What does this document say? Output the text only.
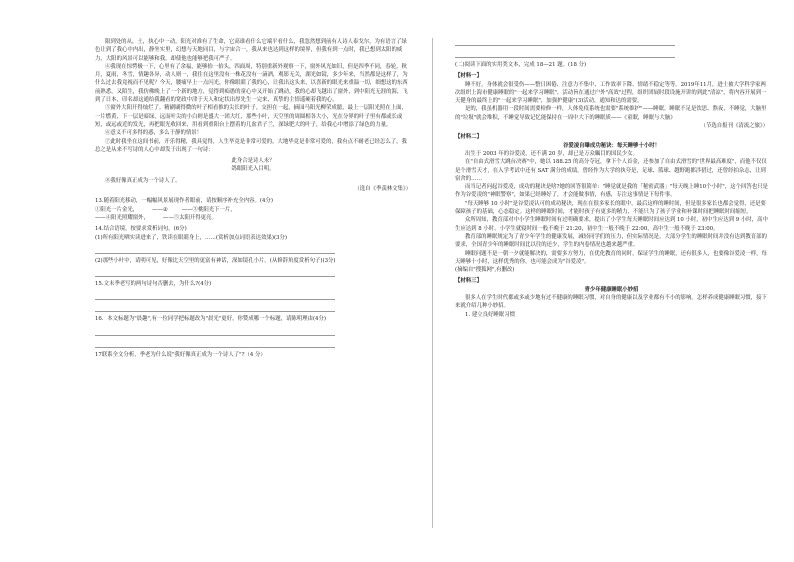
限到处的从，土，执心中一动，阳光对准有了生命，它高谁看什么它端平看什么，我忽然想到前有人诗人泰戈尔，为有语言了绿色让到了我心中内出，静坐实里，幻想与天地同目，与宇宙合一，我从来也达到这样的境界，但我有到一点时，我已想到太阳的威力，大阳的风景可以能够和我，却使他也能够把我可严子。

④我现在惊愕极一下，心里有了余福，能够抬一抬头，四面周，特别重新外观察一下，窗外风光如旧，但是四季不同，春轮，秋月，夏雨，冬雪，情趣各异，动人则一，我住在这里没有一株花没有一滴酒，观影无关，湖光如镜，多少年来，当然都是这样了，为什么过去我竟视而不见呢？今天，腰痛早上一点闪光，你像眼睛了我的心，让我出这头来，以喜新的眼光来重温一切，细想这的东西前熟悉，又陌生，我仿佛晚上了一个新的地方，觉得到痴愚的童心中又开始了跳动，我的心却飞越出了窗外，到中阳光无涯的海，飞到了日本，印名却这通给我翻看的宽政中津于天人和定状出厚先生一完来，真挚的主情遥硬着我的心。

⑤窗外大阳开得灿烂了。精刷刷得微的叶子相看推的尖长的叶子，交担在一起，摘园马阳光柳荣成臆，最上一层阳光照在上面，一片燃黄，下一层是暗绿，远而叶尖的小白则是盛大一团大红，那些小叶，天空里的周圆相各大小，光在分界的叶子里有都或长或短，或远或近的发光，再把眼光收回来，用看到重阳台上摆着的几盆君子兰，深绿肥大的叶子，给我心中增添了绿色的力量。

⑥意义不可多得的惑，多么于静的情景！

⑦此时我坐在这间书前，开乐得精，我具觉得，人生毕竟是非常可爱的，大地毕竟是非常可爱的，我有点不耐老已经怎么了，我总之是从来不写诗的人心中却发于出现了一句诗：

此身合是诗人未？

鸽眼阳光入目明。

⑧我好像真正成为一个诗人了。

（选自《季羡林文集》）

13.随着阳光移动，一幅幅风景展现作者眼前，请按顺序补充全内容。(4分)

①阳光一片金光，	——②	——③桃阳光下一片，
——④阳光照耀窗外，	——⑤太阳开得更亮。

14.结合语境，按要求赏析词句。(6分)

(1)所有阳光晒实读进来了，铁读在眼睛身上，……(赏析加点词语表达效果)(3分)

(2)那些小叶中，请明可见，好像比天空里的更富有神话，深如镜孔小片。(从修辞角度赏析句子)(3分)

15.文末季老写的两句诗句否删去，为什么?(4分)

16．本文标题为"晨趣",有一位同学把标题改为"晨光"更好，你赞成哪一个标题，请陈明理由(4分)

17联系全文分析，季老为什么说"我好像真正成为一个诗人了"?（4 分）

(二)阅读下面的实用类文本，完成 18—21 题。(18 分)

【材料一】

睡不好，身体就会很受伤——整日困倦、注意力不集中、工作效率下降、情绪不稳定等等。2019年11月，进士被大学科学家两次组织上海市健康睡眠的"一起来学习睡眠"，活动旨在通过户外"高效"过程，组织团展时段设施开讲的到此"清凉"，将内容开展到一天健身的最终上的"一起来学习睡眠"，加强护健康"(3)活动，通知和达的需要。

是的，我虽机器用一段时间需要检修一样，人体免疫系统也需要"系统维护"——睡眠。睡眠不足是饮思、熬夜，不睡觉，大脑里的"垃圾"就会堆积，不睡觉导致记忆能保持在一周中大下的睡眠质——《童眠，睡眠与大脑》

（节选自报刊《清流之旅》）

【材料二】

谷爱凌自曝成功秘诀：每天睡够十小时！

出生于 2003 年的谷爱凌，还不满 20 岁，却已是万众瞩目的国民少女。

在"自由式滑雪大跳台决赛"中，她以 188.25 的高分夺冠，拿下个人首金，还参加了自由式滑雪的"世界最高难度"，而他不仅仅是个滑雪天才，在入学考试中还有 SAT 满分的成绩，曾经作为大学的执夸是，足球、篮球、越野跑都涉猎过，还曾经拍杂志，让到宿舍的……

而当记者问起谷爱凌，成功的秘诀是啥?她的回答很简单："睡觉就是我的「秘密武器」"每天晚上睡10个小时"，这个回答也只是作为谷爱凌的"神眠警察"，如果已经睡好了，才会能做事情，有感，专注这事情是下每件事。

"每天睡够 10 小时"是谷爱凌认可的成功秘诀，现在在很多家长的眼中，最后这样的睡时间，但是很多家长也都会觉得，还是要保障孩子的基础，心态稳定。这样的睡眠时间，才能时孩子有更多的精力，不能只为了孩子学业和补课时间把睡眠时间缩短。

众所周知，教育部对中小学生睡眠时间有过明确要求，提出了小学生每天睡眠时间应达到 10 小时，初中生应达到 9 小时，高中生应达到 8 小时。小学生就寝时间一般不晚于 21:20，初中生一般不晚于 22:00，高中生一般不晚于 23:00。

教育部的睡眠规定为了青少年学生的健康发展，减轻同学们的压力，但实际情况是，大部分学生的睡眠时间并没有达到教育部的要求，全国青少年的睡眠时间比以往的还少，学生的内卷情况也越来越严重。

睡眠问题不是一朝一夕就能解决的，需要多方努力，在优化教育的同时，保证学生的睡眠，还有很多人，也要像谷爱凌一样，每天睡够十小时，这样优秀的你，也可能会成为"谷爱凌"。

(摘编自"搜狐网",有删改)

【材料三】

青少年健康睡眠小妙招

很多人在学生时代都或多或少地有过不健康的睡眠习惯，对自身的健康以及学业都有不小的影响。怎样养成健康睡眠习惯，接下来就介绍几种小妙招。

1. 建立良好睡眠习惯
